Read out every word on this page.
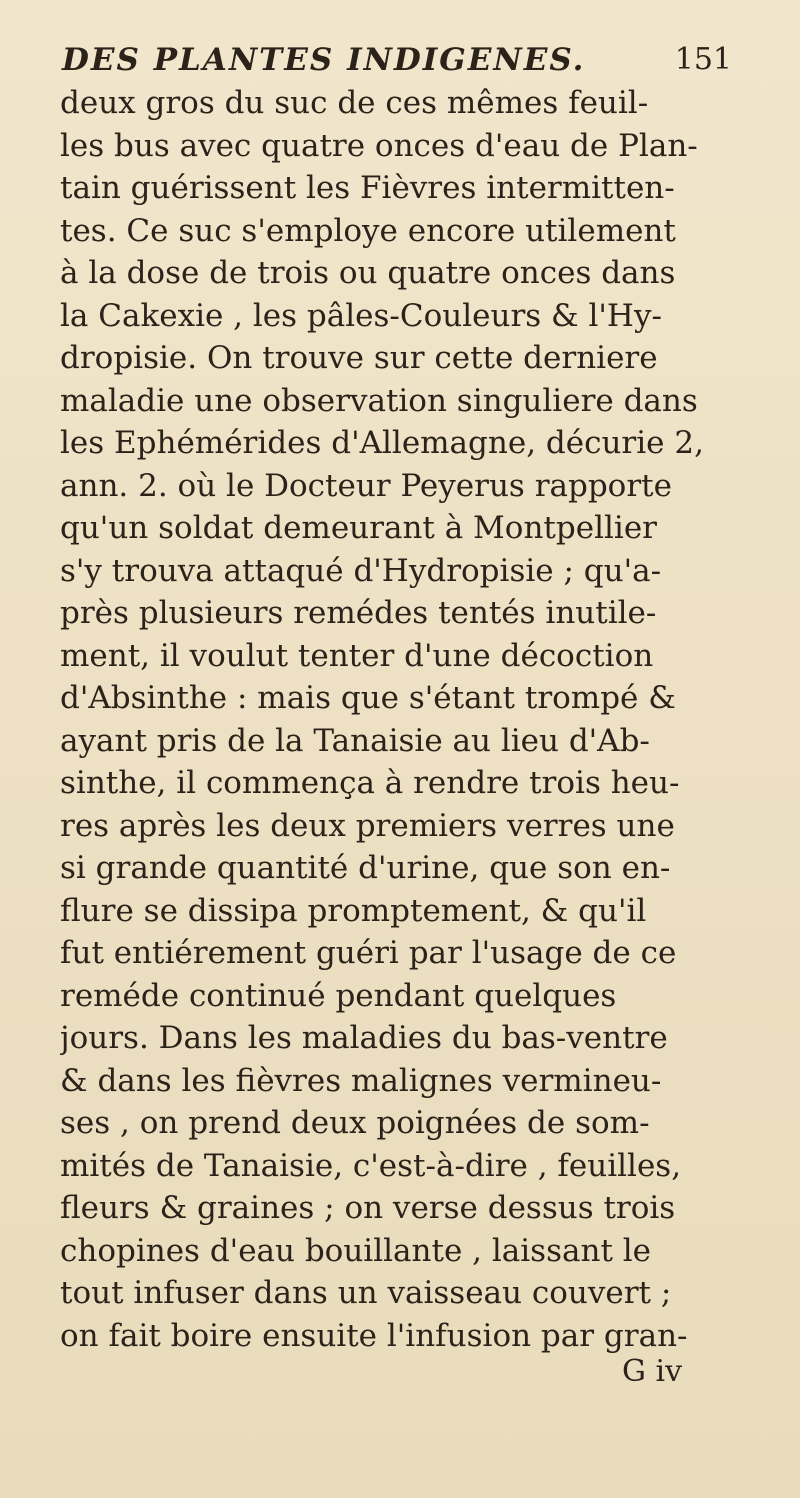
DES PLANTES INDIGENES.	151
deux gros du suc de ces mêmes feuil-
les bus avec quatre onces d'eau de Plan-
tain guérissent les Fièvres intermitten-
tes. Ce suc s'employe encore utilement
à la dose de trois ou quatre onces dans
la Cakexie , les pâles-Couleurs & l'Hy-
dropisie. On trouve sur cette derniere
maladie une observation singuliere dans
les Ephémérides d'Allemagne, décurie 2,
ann. 2. où le Docteur Peyerus rapporte
qu'un soldat demeurant à Montpellier
s'y trouva attaqué d'Hydropisie ; qu'a-
près plusieurs remédes tentés inutile-
ment, il voulut tenter d'une décoction
d'Absinthe : mais que s'étant trompé &
ayant pris de la Tanaisie au lieu d'Ab-
sinthe, il commença à rendre trois heu-
res après les deux premiers verres une
si grande quantité d'urine, que son en-
flure se dissipa promptement, & qu'il
fut entiérement guéri par l'usage de ce
reméde continué pendant quelques
jours. Dans les maladies du bas-ventre
& dans les fièvres malignes vermineu-
ses , on prend deux poignées de som-
mités de Tanaisie, c'est-à-dire , feuilles,
fleurs & graines ; on verse dessus trois
chopines d'eau bouillante , laissant le
tout infuser dans un vaisseau couvert ;
on fait boire ensuite l'infusion par gran-
G iv
